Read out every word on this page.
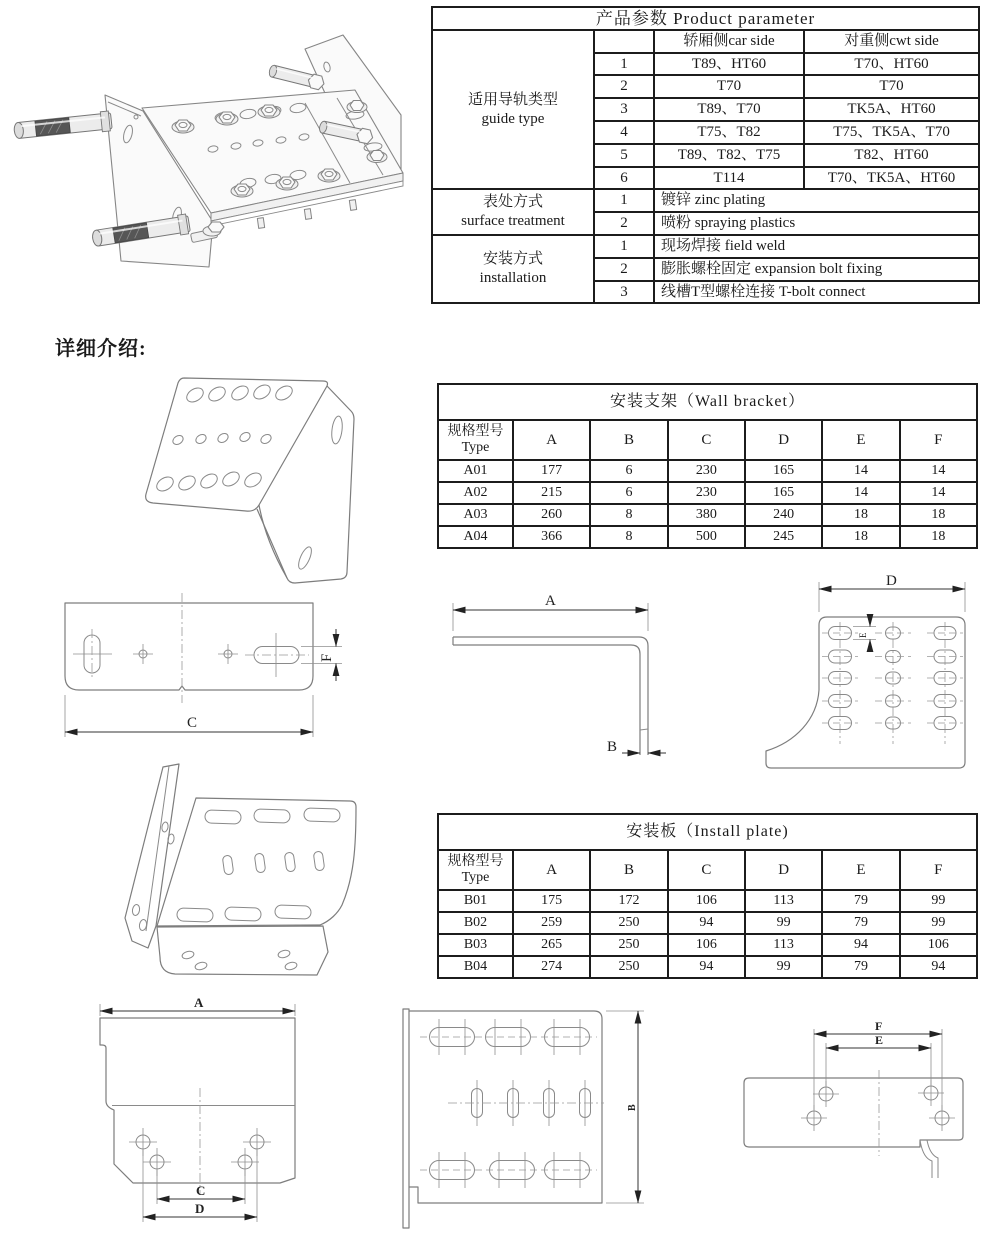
产品参数 Product parameter			
适用导轨类型
guide type		轿厢侧car side	对重侧cwt side
	1	T89、HT60	T70、HT60
	2	T70	T70
	3	T89、T70	TK5A、HT60
	4	T75、T82	T75、TK5A、T70
	5	T89、T82、T75	T82、HT60
	6	T114	T70、TK5A、HT60
表处方式
surface treatment	1	镀锌 zinc plating	
	2	喷粉 spraying plastics	
安装方式
installation	1	现场焊接 field weld	
	2	膨胀螺栓固定 expansion bolt fixing	
	3	线槽T型螺栓连接 T-bolt connect	
详细介绍:
安装支架（Wall bracket）						
规格型号
Type	A	B	C	D	E	F
A01	177	6	230	165	14	14
A02	215	6	230	165	14	14
A03	260	8	380	240	18	18
A04	366	8	500	245	18	18
F
C
A
B
D
E
安装板（Install plate)						
规格型号
Type	A	B	C	D	E	F
B01	175	172	106	113	79	99
B02	259	250	94	99	79	99
B03	265	250	106	113	94	106
B04	274	250	94	99	79	94
A
C
D
B
F
E
